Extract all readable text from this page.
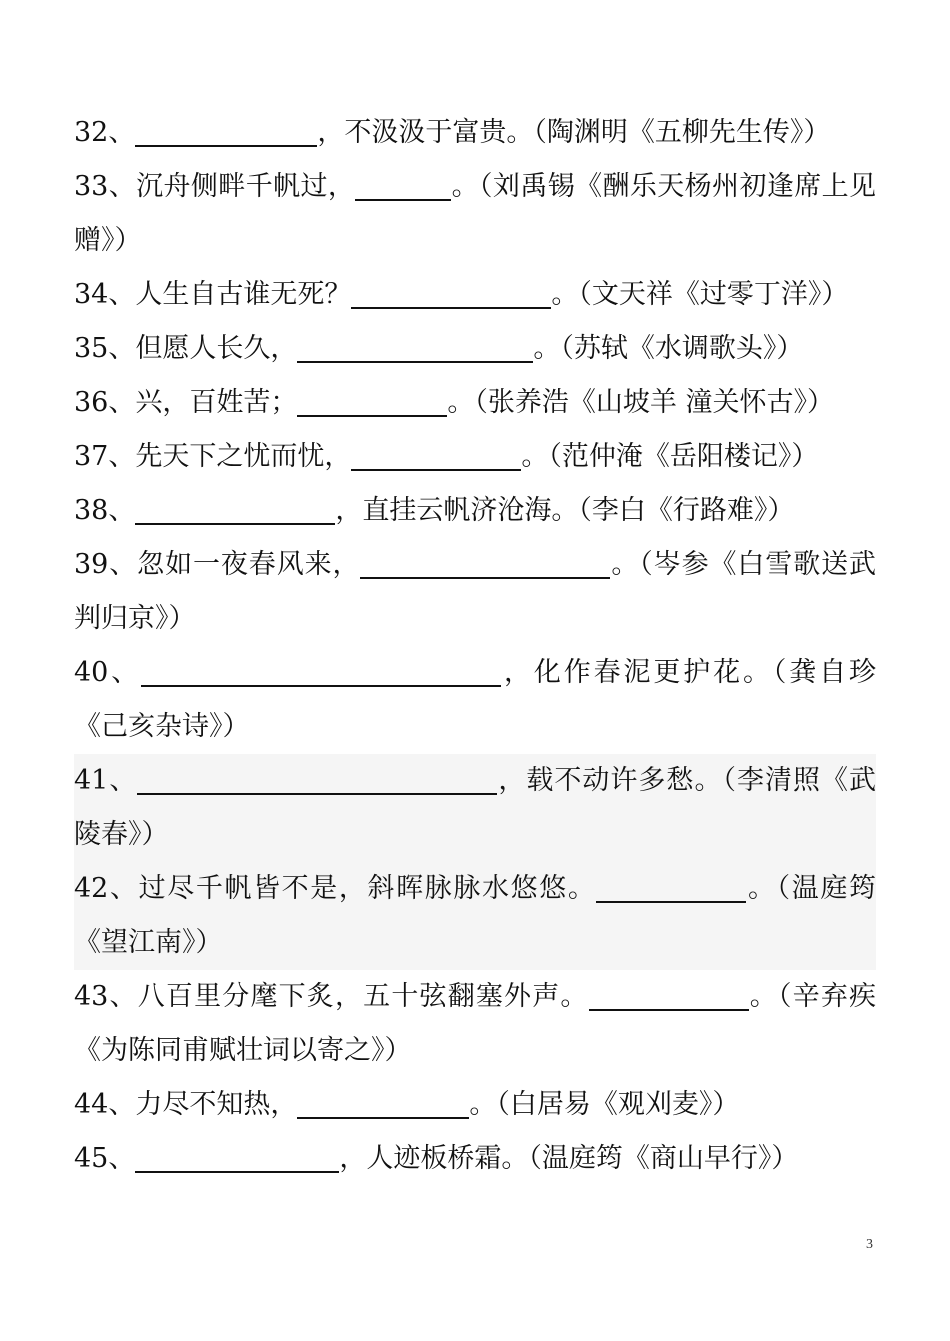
32、	，不汲汲于富贵。（陶渊明《五柳先生传》）

33、沉舟侧畔千帆过，	。（刘禹锡《酬乐天杨州初逢席上见赠》）

34、人生自古谁无死？	。（文天祥《过零丁洋》）

35、但愿人长久，	。（苏轼《水调歌头》）

36、兴，百姓苦；	。（张养浩《山坡羊 潼关怀古》）

37、先天下之忧而忧，	。（范仲淹《岳阳楼记》）

38、	，直挂云帆济沧海。（李白《行路难》）

39、忽如一夜春风来，	。（岑参《白雪歌送武判归京》）

40、	，化作春泥更护花。（龚自珍《己亥杂诗》）

41、	，载不动许多愁。（李清照《武陵春》）

42、过尽千帆皆不是，斜晖脉脉水悠悠。	。（温庭筠《望江南》）

43、八百里分麾下炙，五十弦翻塞外声。	。（辛弃疾《为陈同甫赋壮词以寄之》）

44、力尽不知热，	。（白居易《观刈麦》）

45、	，人迹板桥霜。（温庭筠《商山早行》）

3
